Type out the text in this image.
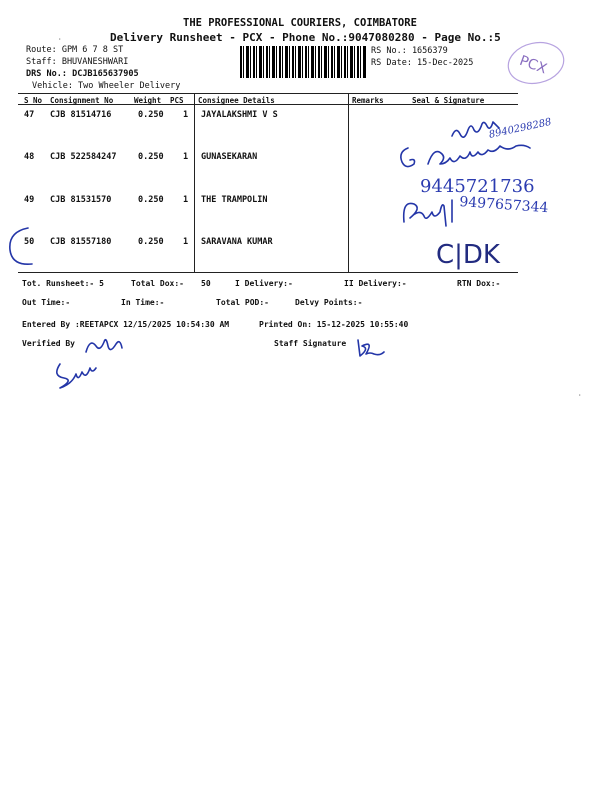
THE PROFESSIONAL COURIERS, COIMBATORE
Delivery Runsheet - PCX - Phone No.:9047080280 - Page No.:5
Route: GPM 6 7 8 ST
Staff: BHUVANESHWARI
DRS No.: DCJB165637905
Vehicle: Two Wheeler Delivery
RS No.: 1656379
RS Date: 15-Dec-2025	PCX
S No Consignment No	Weight PCS Consignee Details	Remarks	Seal & Signature
47 CJB 81514716	0.250 1 JAYALAKSHMI V S
48 CJB 522584247	0.250 1 GUNASEKARAN
49 CJB 81531570	0.250 1 THE TRAMPOLIN
50 CJB 81557180	0.250 1 SARAVANA KUMAR
8940298288
9445721736
9497657344
C|DK
Tot. Runsheet:- 5	Total Dox:- 50	I Delivery:-	II Delivery:-	RTN Dox:-
Out Time:-	In Time:-	Total POD:-	Delvy Points:-
Entered By :REETAPCX 12/15/2025 10:54:30 AM	Printed On: 15-12-2025 10:55:40
Verified By	Staff Signature
·
·
